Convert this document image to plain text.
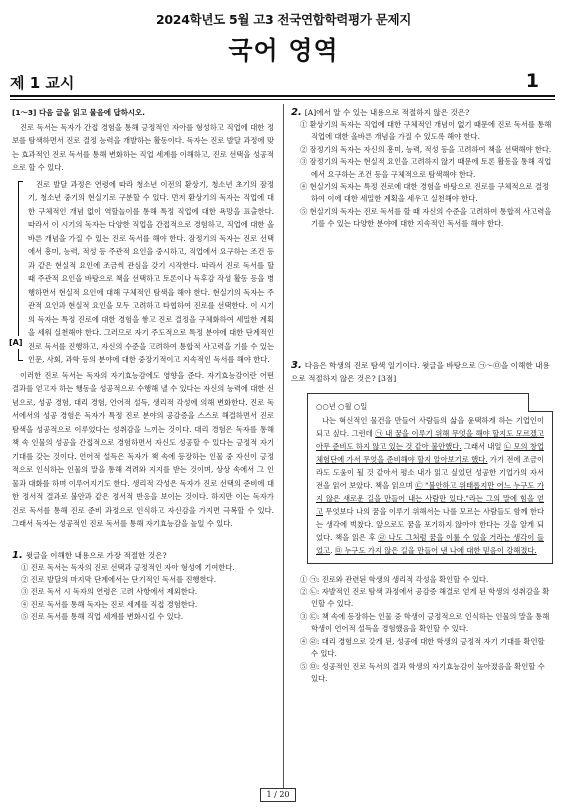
2024학년도 5월 고3 전국연합학력평가 문제지
국어 영역
제 1 교시	1
[1～3] 다음 글을 읽고 물음에 답하시오.
진로 독서는 독자가 간접 경험을 통해 긍정적인 자아를 형성하고 직업에 대한 정보를 탐색하면서 진로 결정 능력을 개발하는 활동이다. 독자는 진로 발달 과정에 맞는 효과적인 진로 독서를 통해 변화하는 직업 세계를 이해하고, 진로 선택을 성공적으로 할 수 있다.
[A]
진로 발달 과정은 연령에 따라 청소년 이전의 환상기, 청소년 초기의 잠정기, 청소년 중기의 현실기로 구분할 수 있다. 먼저 환상기의 독자는 직업에 대한 구체적인 개념 없이 역할놀이를 통해 특정 직업에 대한 욕망을 표출한다. 따라서 이 시기의 독자는 다양한 직업을 간접적으로 경험하고, 직업에 대한 올바른 개념을 가질 수 있는 진로 독서를 해야 한다. 잠정기의 독자는 진로 선택에서 흥미, 능력, 적성 등 주관적 요인을 중시하고, 직업에서 요구하는 조건 등과 같은 현실적 요인에 조금씩 관심을 갖기 시작한다. 따라서 진로 독서를 할 때 주관적 요인을 바탕으로 책을 선택하고 토론이나 독후감 작성 활동 등을 병행하면서 현실적 요인에 대해 구체적인 탐색을 해야 한다. 현실기의 독자는 주관적 요인과 현실적 요인을 모두 고려하고 타협하여 진로를 선택한다. 이 시기의 독자는 특정 진로에 대한 경험을 쌓고 진로 결정을 구체화하여 세밀한 계획을 세워 실천해야 한다. 그러므로 자기 주도적으로 특정 분야에 대한 단계적인 진로 독서를 진행하고, 자신의 수준을 고려하여 통합적 사고력을 기를 수 있는 인문, 사회, 과학 등의 분야에 대한 중장기적이고 지속적인 독서를 해야 한다.
이러한 진로 독서는 독자의 자기효능감에도 영향을 준다. 자기효능감이란 어떤 결과를 얻고자 하는 행동을 성공적으로 수행해 낼 수 있다는 자신의 능력에 대한 신념으로, 성공 경험, 대리 경험, 언어적 설득, 생리적 각성에 의해 변화한다. 진로 독서에서의 성공 경험은 독자가 특정 진로 분야의 공감증을 스스로 해결하면서 진로 탐색을 성공적으로 이루었다는 성취감을 느끼는 것이다. 대리 경험은 독자를 통해 책 속 인물의 성공을 간접적으로 경험하면서 자신도 성공할 수 있다는 긍정적 자기 기대를 갖는 것이다. 언어적 설득은 독자가 책 속에 등장하는 인물 중 자신이 긍정적으로 인식하는 인물의 말을 통해 격려와 지지를 받는 것이며, 상상 속에서 그 인물과 대화를 하며 이루어지기도 한다. 생리적 각성은 독자가 진로 선택의 준비에 대한 정서적 결과로 불안과 같은 정서적 반응을 보이는 것이다. 하지만 이는 독자가 진로 독서를 통해 진로 준비 과정으로 인식하고 자신감을 가지면 극복할 수 있다. 그래서 독자는 성공적인 진로 독서를 통해 자기효능감을 높일 수 있다.
1. 윗글을 이해한 내용으로 가장 적절한 것은?
① 진로 독서는 독자의 진로 선택과 긍정적인 자아 형성에 기여한다.
② 진로 발달의 마지막 단계에서는 단기적인 독서를 진행한다.
③ 진로 독서 시 독자의 연령은 고려 사항에서 제외한다.
④ 진로 독서를 통해 독자는 진로 세계를 직접 경험한다.
⑤ 진로 독서를 통해 직업 세계를 변화시킬 수 있다.
2. [A]에서 알 수 있는 내용으로 적절하지 않은 것은?
① 환상기의 독자는 직업에 대한 구체적인 개념이 없기 때문에 진로 독서를 통해 직업에 대한 올바른 개념을 가질 수 있도록 해야 한다.
② 잠정기의 독자는 자신의 흥미, 능력, 적성 등을 고려하여 책을 선택해야 한다.
③ 잠정기의 독자는 현실적 요인을 고려하지 않기 때문에 토론 활동을 통해 직업에서 요구하는 조건 등을 구체적으로 탐색해야 한다.
④ 현실기의 독자는 특정 진로에 대한 경험을 바탕으로 진로를 구체적으로 결정하여 이에 대한 세밀한 계획을 세우고 실천해야 한다.
⑤ 현실기의 독자는 진로 독서를 할 때 자신의 수준을 고려하여 통합적 사고력을 기를 수 있는 다양한 분야에 대한 지속적인 독서를 해야 한다.
3. 다음은 학생의 진로 탐색 일기이다. 윗글을 바탕으로 ㉠～㉤을 이해한 내용으로 적절하지 않은 것은? [3점]
○○년 ○월 ○일
나는 혁신적인 물건을 만들어 사람들의 삶을 윤택하게 하는 기업인이 되고 싶다. 그런데 ㉠ 내 꿈을 이루기 위해 무엇을 해야 할지도 모르겠고 아무 준비도 하지 않고 있는 것 같아 불안했다. 그래서 내일 ㉡ 모의 창업 체험단에 가서 무엇을 준비해야 할지 알아보기로 했다. 가기 전에 조금이라도 도움이 될 것 같아서 평소 내가 읽고 싶었던 성공한 기업가의 자서전을 읽어 보았다. 책을 읽으며 ㉢ "불안하고 위태롭지만 어느 누구도 가지 않은 새로운 길을 만들어 내는 사람만 있다."라는 그의 말에 힘을 얻고 무엇보다 나의 꿈을 이루기 위해서는 나를 모르는 사람들도 함께 한다는 생각에 벅찼다. 앞으로도 꿈을 포기하지 않아야 한다는 것을 알게 되었다. 책을 읽은 후 ㉣ 나도 그처럼 꿈을 이룰 수 있을 거라는 생각이 들었고, ㉤ 누구도 가지 않은 길을 만들어 낸 나에 대한 믿음이 강해졌다.
① ㉠: 진로와 관련된 학생의 생리적 각성을 확인할 수 있다.
② ㉡: 자발적인 진로 탐색 과정에서 공감증 해결로 얻게 된 학생의 성취감을 확인할 수 있다.
③ ㉢: 책 속에 등장하는 인물 중 학생이 긍정적으로 인식하는 인물의 말을 통해 학생이 언어적 설득을 경험했음을 확인할 수 있다.
④ ㉣: 대리 경험으로 갖게 된, 성공에 대한 학생의 긍정적 자기 기대를 확인할 수 있다.
⑤ ㉤: 성공적인 진로 독서의 결과 학생의 자기효능감이 높아졌음을 확인할 수 있다.
1 / 20
